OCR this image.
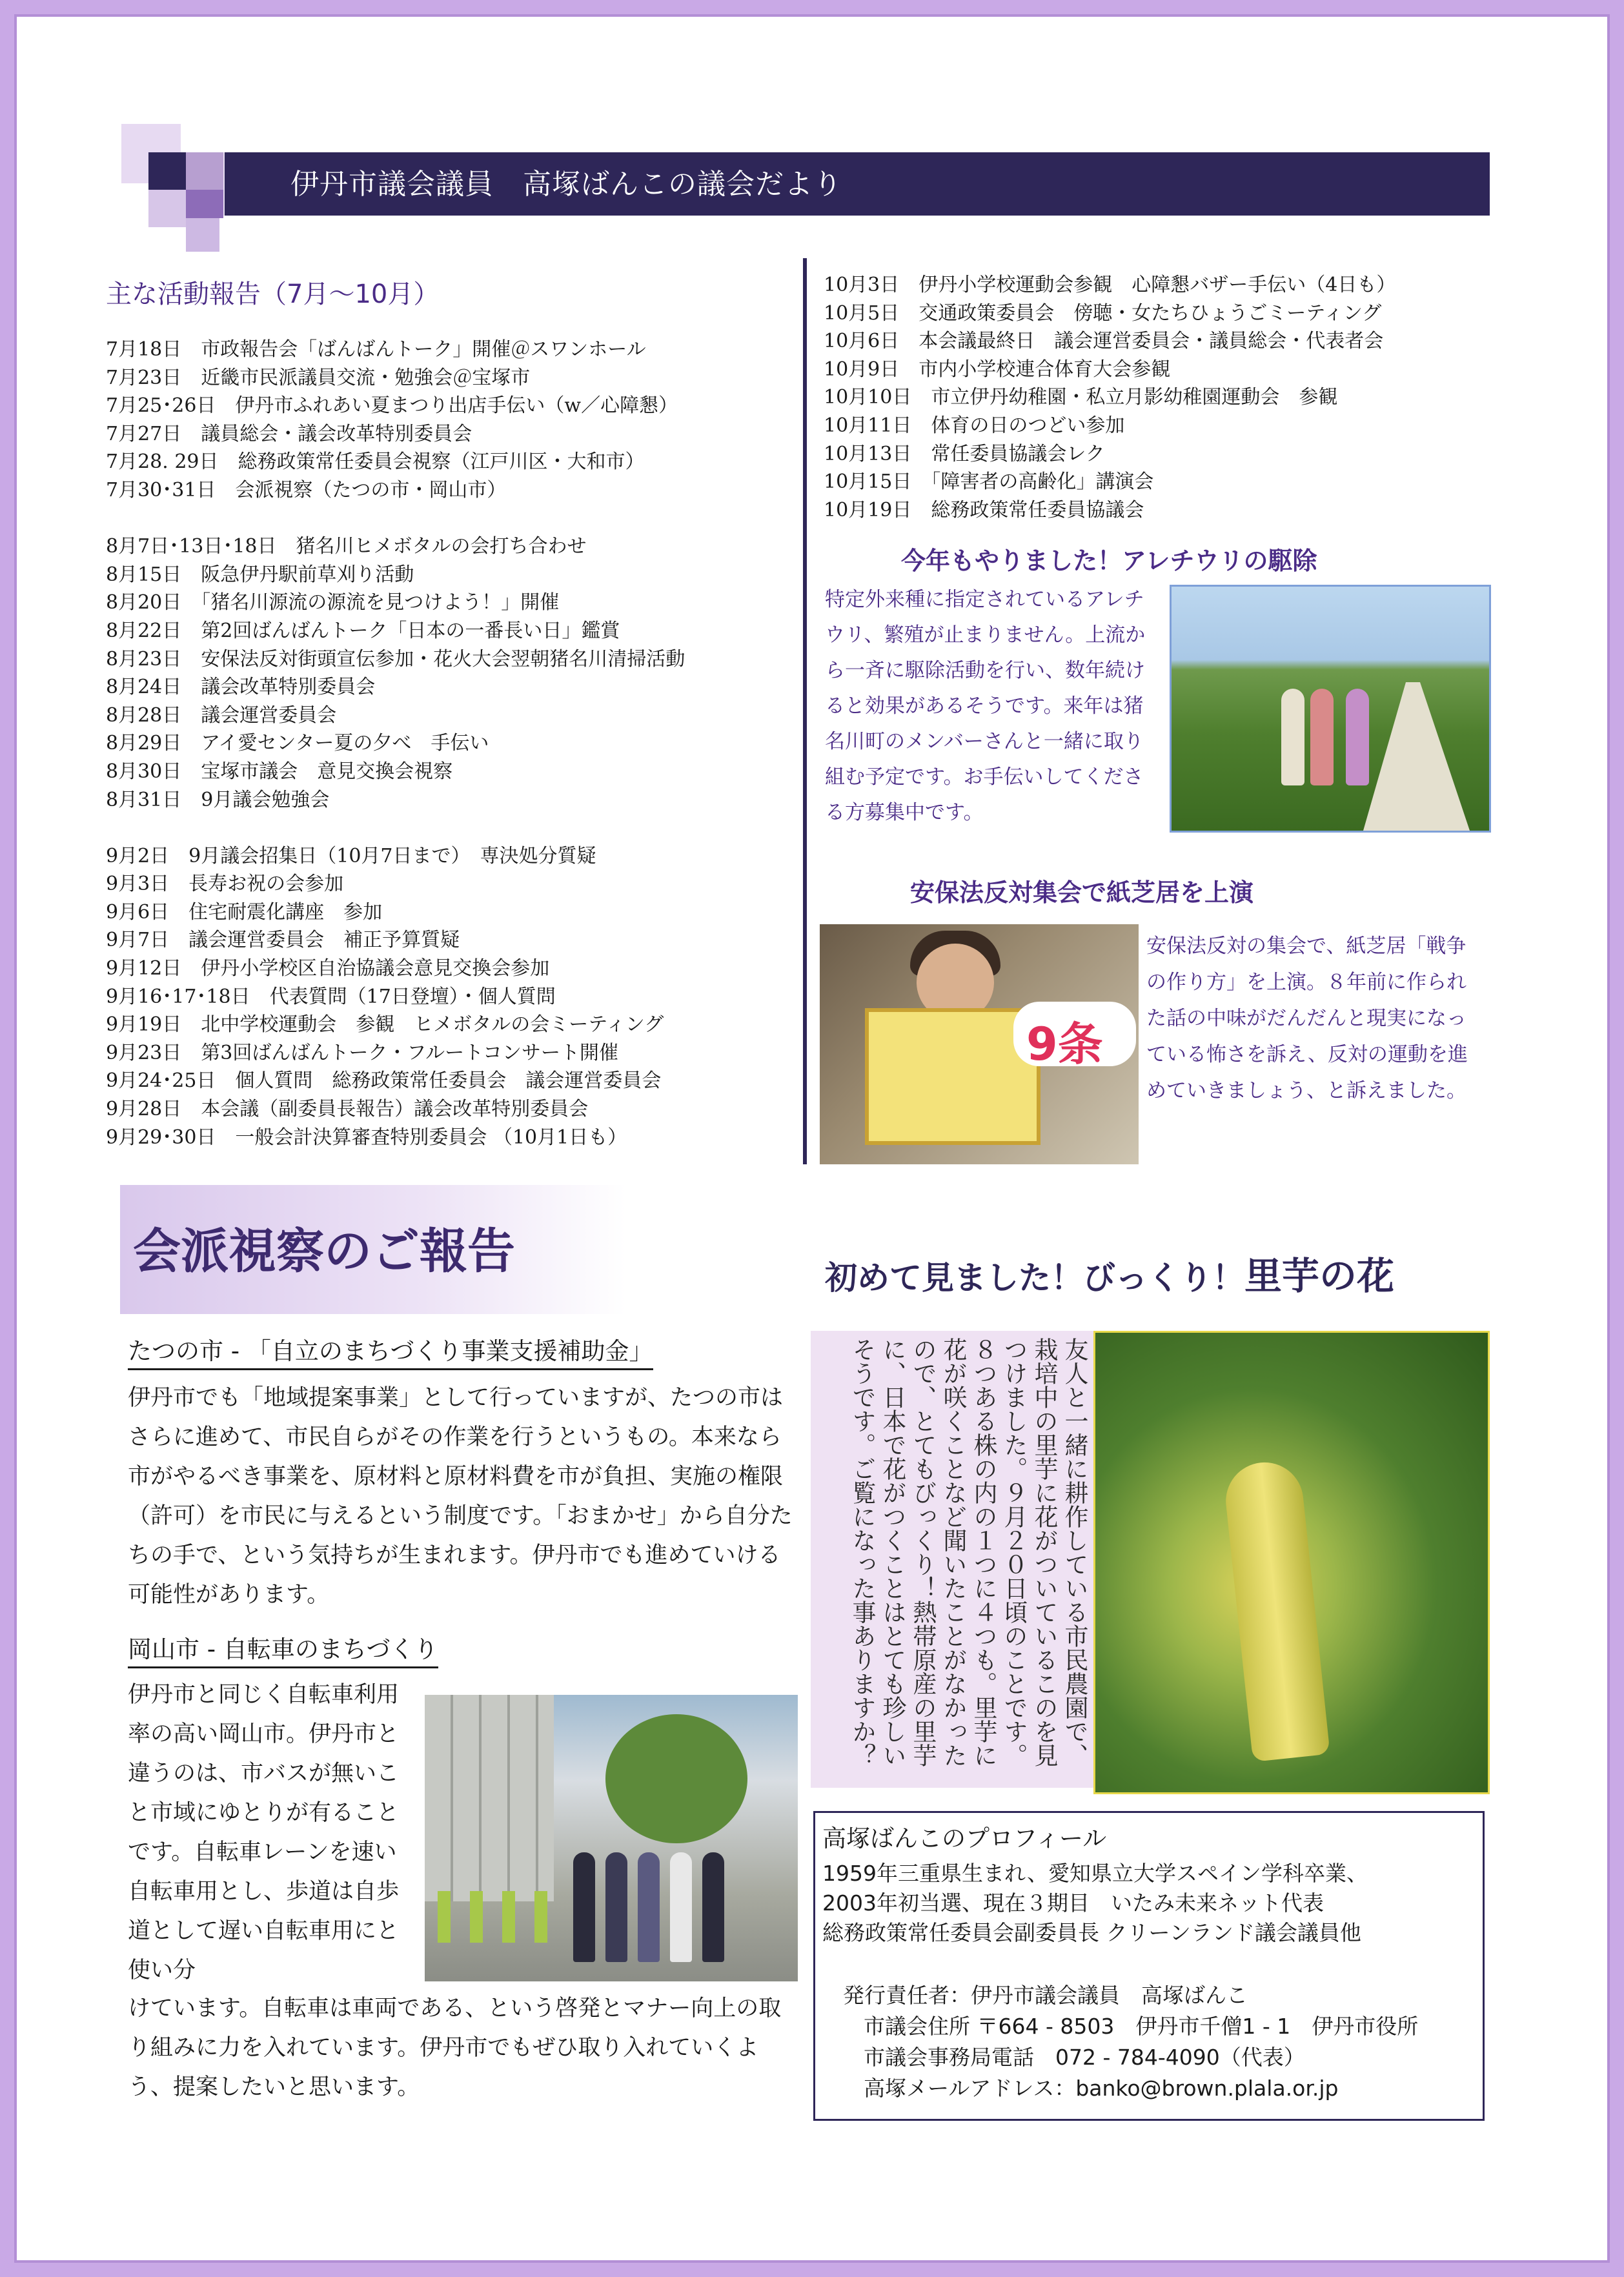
伊丹市議会議員　高塚ばんこの議会だより
主な活動報告（7月～10月）
7月18日　市政報告会「ばんばんトーク」開催＠スワンホール
7月23日　近畿市民派議員交流・勉強会＠宝塚市
7月25･26日　伊丹市ふれあい夏まつり出店手伝い（w／心障懇）
7月27日　議員総会・議会改革特別委員会
7月28. 29日　総務政策常任委員会視察（江戸川区・大和市）
7月30･31日　会派視察（たつの市・岡山市）
8月7日･13日･18日　猪名川ヒメボタルの会打ち合わせ
8月15日　阪急伊丹駅前草刈り活動
8月20日　「猪名川源流の源流を見つけよう！」開催
8月22日　第2回ばんばんトーク「日本の一番長い日」鑑賞
8月23日　安保法反対街頭宣伝参加・花火大会翌朝猪名川清掃活動
8月24日　議会改革特別委員会
8月28日　議会運営委員会
8月29日　アイ愛センター夏の夕べ　手伝い
8月30日　宝塚市議会　意見交換会視察
8月31日　9月議会勉強会
9月2日　9月議会招集日（10月7日まで）　専決処分質疑
9月3日　長寿お祝の会参加
9月6日　住宅耐震化講座　参加
9月7日　議会運営委員会　補正予算質疑
9月12日　伊丹小学校区自治協議会意見交換会参加
9月16･17･18日　代表質問（17日登壇）・個人質問
9月19日　北中学校運動会　参観　ヒメボタルの会ミーティング
9月23日　第3回ばんばんトーク・フルートコンサート開催
9月24･25日　個人質問　総務政策常任委員会　議会運営委員会
9月28日　本会議（副委員長報告）議会改革特別委員会
9月29･30日　一般会計決算審査特別委員会 （10月1日も）
10月3日　伊丹小学校運動会参観　心障懇バザー手伝い（4日も）
10月5日　交通政策委員会　傍聴・女たちひょうごミーティング
10月6日　本会議最終日　議会運営委員会・議員総会・代表者会
10月9日　市内小学校連合体育大会参観
10月10日　市立伊丹幼稚園・私立月影幼稚園運動会　参観
10月11日　体育の日のつどい参加
10月13日　常任委員協議会レク
10月15日　「障害者の高齢化」講演会
10月19日　総務政策常任委員協議会
今年もやりました！アレチウリの駆除
特定外来種に指定されているアレチウリ、繁殖が止まりません。上流から一斉に駆除活動を行い、数年続けると効果があるそうです。来年は猪名川町のメンバーさんと一緒に取り組む予定です。お手伝いしてくださる方募集中です。
安保法反対集会で紙芝居を上演
9条
安保法反対の集会で、紙芝居「戦争の作り方」を上演。８年前に作られた話の中味がだんだんと現実になっている怖さを訴え、反対の運動を進めていきましょう、と訴えました。
会派視察のご報告	初めて見ました！びっくり！里芋の花
たつの市 - 「自立のまちづくり事業支援補助金」
伊丹市でも「地域提案事業」として行っていますが、たつの市はさらに進めて、市民自らがその作業を行うというもの。本来なら市がやるべき事業を、原材料と原材料費を市が負担、実施の権限（許可）を市民に与えるという制度です。「おまかせ」から自分たちの手で、という気持ちが生まれます。伊丹市でも進めていける可能性があります。
岡山市 - 自転車のまちづくり
伊丹市と同じく自転車利用率の高い岡山市。伊丹市と違うのは、市バスが無いこと市域にゆとりが有ることです。自転車レーンを速い自転車用とし、歩道は自歩道として遅い自転車用にと使い分
けています。自転車は車両である、という啓発とマナー向上の取り組みに力を入れています。伊丹市でもぜひ取り入れていくよう、提案したいと思います。
友人と一緒に耕作している市民農園で、栽培中の里芋に花がついているこのを見つけました。９月２０日頃のことです。８つある株の内の１つに４つも。里芋に花が咲くことなど聞いたことがなかったので、とてもびっくり！熱帯原産の里芋に、日本で花がつくことはとても珍しいそうです。ご覧になった事ありますか？
高塚ばんこのプロフィール
1959年三重県生まれ、愛知県立大学スペイン学科卒業、
2003年初当選、現在３期目　いたみ未来ネット代表
総務政策常任委員会副委員長 クリーンランド議会議員他
発行責任者：伊丹市議会議員　高塚ばんこ
市議会住所 〒664 - 8503　伊丹市千僧1 - 1　伊丹市役所
市議会事務局電話　072 - 784-4090（代表）
高塚メールアドレス：banko@brown.plala.or.jp
